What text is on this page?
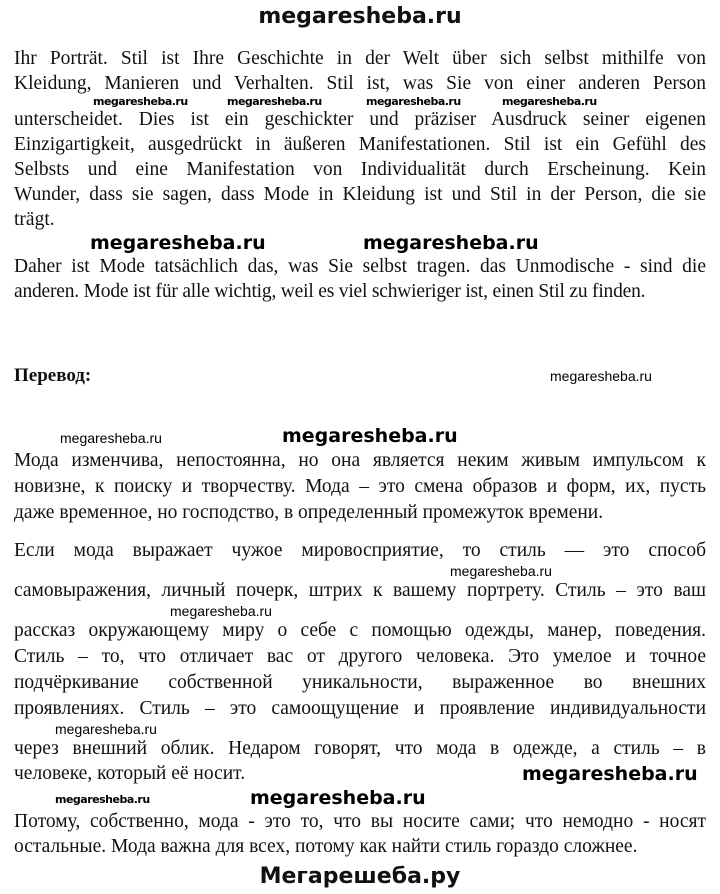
megaresheba.ru
Ihr Porträt. Stil ist Ihre Geschichte in der Welt über sich selbst mithilfe von
Kleidung, Manieren und Verhalten. Stil ist, was Sie von einer anderen Person
megaresheba.ru	megaresheba.ru	megaresheba.ru	megaresheba.ru
unterscheidet. Dies ist ein geschickter und präziser Ausdruck seiner eigenen
Einzigartigkeit, ausgedrückt in äußeren Manifestationen. Stil ist ein Gefühl des
Selbsts und eine Manifestation von Individualität durch Erscheinung. Kein
Wunder, dass sie sagen, dass Mode in Kleidung ist und Stil in der Person, die sie
trägt.
megaresheba.ru	megaresheba.ru
Daher ist Mode tatsächlich das, was Sie selbst tragen. das Unmodische - sind die
anderen. Mode ist für alle wichtig, weil es viel schwieriger ist, einen Stil zu finden.
Перевод:	megaresheba.ru
megaresheba.ru	megaresheba.ru
Мода изменчива, непостоянна, но она является неким живым импульсом к
новизне, к поиску и творчеству. Мода – это смена образов и форм, их, пусть
даже временное, но господство, в определенный промежуток времени.
Если мода выражает чужое мировосприятие, то стиль — это способ
megaresheba.ru
самовыражения, личный почерк, штрих к вашему портрету. Стиль – это ваш
megaresheba.ru
рассказ окружающему миру о себе с помощью одежды, манер, поведения.
Стиль – то, что отличает вас от другого человека. Это умелое и точное
подчёркивание собственной уникальности, выраженное во внешних
проявлениях. Стиль – это самоощущение и проявление индивидуальности
megaresheba.ru
через внешний облик. Недаром говорят, что мода в одежде, а стиль – в
человеке, который её носит.	megaresheba.ru
megaresheba.ru	megaresheba.ru
Потому, собственно, мода - это то, что вы носите сами; что немодно - носят
остальные. Мода важна для всех, потому как найти стиль гораздо сложнее.
Мегарешеба.ру
